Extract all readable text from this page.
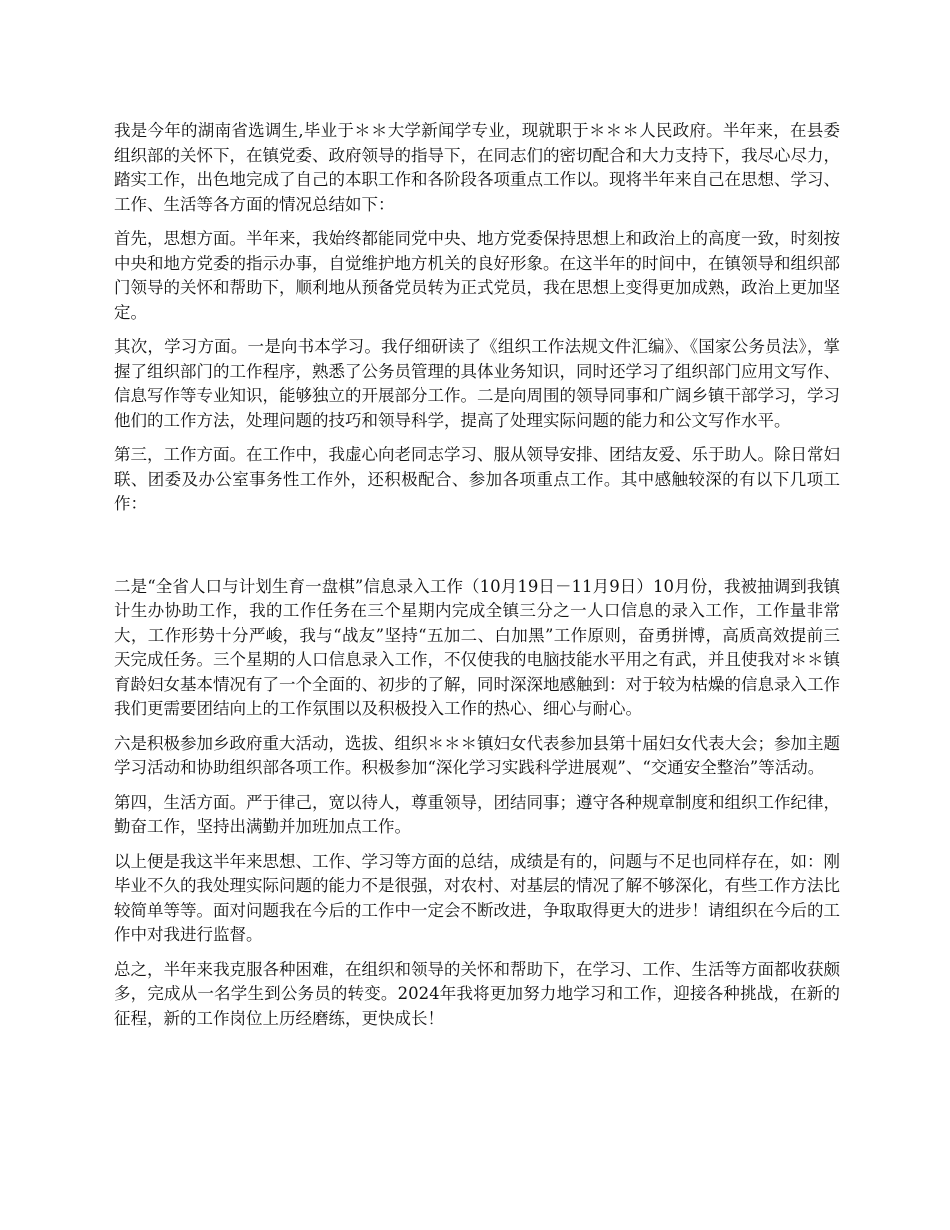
我是今年的湖南省选调生,毕业于＊＊大学新闻学专业，现就职于＊＊＊人民政府。半年来，在县委组织部的关怀下，在镇党委、政府领导的指导下，在同志们的密切配合和大力支持下，我尽心尽力，踏实工作，出色地完成了自己的本职工作和各阶段各项重点工作以。现将半年来自己在思想、学习、工作、生活等各方面的情况总结如下：

首先，思想方面。半年来，我始终都能同党中央、地方党委保持思想上和政治上的高度一致，时刻按中央和地方党委的指示办事，自觉维护地方机关的良好形象。在这半年的时间中，在镇领导和组织部门领导的关怀和帮助下，顺利地从预备党员转为正式党员，我在思想上变得更加成熟，政治上更加坚定。

其次，学习方面。一是向书本学习。我仔细研读了《组织工作法规文件汇编》、《国家公务员法》，掌握了组织部门的工作程序，熟悉了公务员管理的具体业务知识，同时还学习了组织部门应用文写作、信息写作等专业知识，能够独立的开展部分工作。二是向周围的领导同事和广阔乡镇干部学习，学习他们的工作方法，处理问题的技巧和领导科学，提高了处理实际问题的能力和公文写作水平。

第三，工作方面。在工作中，我虚心向老同志学习、服从领导安排、团结友爱、乐于助人。除日常妇联、团委及办公室事务性工作外，还积极配合、参加各项重点工作。其中感触较深的有以下几项工作：

二是“全省人口与计划生育一盘棋”信息录入工作（10月19日－11月9日）10月份，我被抽调到我镇计生办协助工作，我的工作任务在三个星期内完成全镇三分之一人口信息的录入工作，工作量非常大，工作形势十分严峻，我与“战友”坚持“五加二、白加黑”工作原则，奋勇拼博，高质高效提前三天完成任务。三个星期的人口信息录入工作，不仅使我的电脑技能水平用之有武，并且使我对＊＊镇育龄妇女基本情况有了一个全面的、初步的了解，同时深深地感触到：对于较为枯燥的信息录入工作我们更需要团结向上的工作氛围以及积极投入工作的热心、细心与耐心。

六是积极参加乡政府重大活动，选拔、组织＊＊＊镇妇女代表参加县第十届妇女代表大会；参加主题学习活动和协助组织部各项工作。积极参加“深化学习实践科学进展观”、“交通安全整治”等活动。

第四，生活方面。严于律己，宽以待人，尊重领导，团结同事；遵守各种规章制度和组织工作纪律，勤奋工作，坚持出满勤并加班加点工作。

以上便是我这半年来思想、工作、学习等方面的总结，成绩是有的，问题与不足也同样存在，如：刚毕业不久的我处理实际问题的能力不是很强，对农村、对基层的情况了解不够深化，有些工作方法比较简单等等。面对问题我在今后的工作中一定会不断改进，争取取得更大的进步！请组织在今后的工作中对我进行监督。

总之，半年来我克服各种困难，在组织和领导的关怀和帮助下，在学习、工作、生活等方面都收获颇多，完成从一名学生到公务员的转变。2024年我将更加努力地学习和工作，迎接各种挑战，在新的征程，新的工作岗位上历经磨练，更快成长！
